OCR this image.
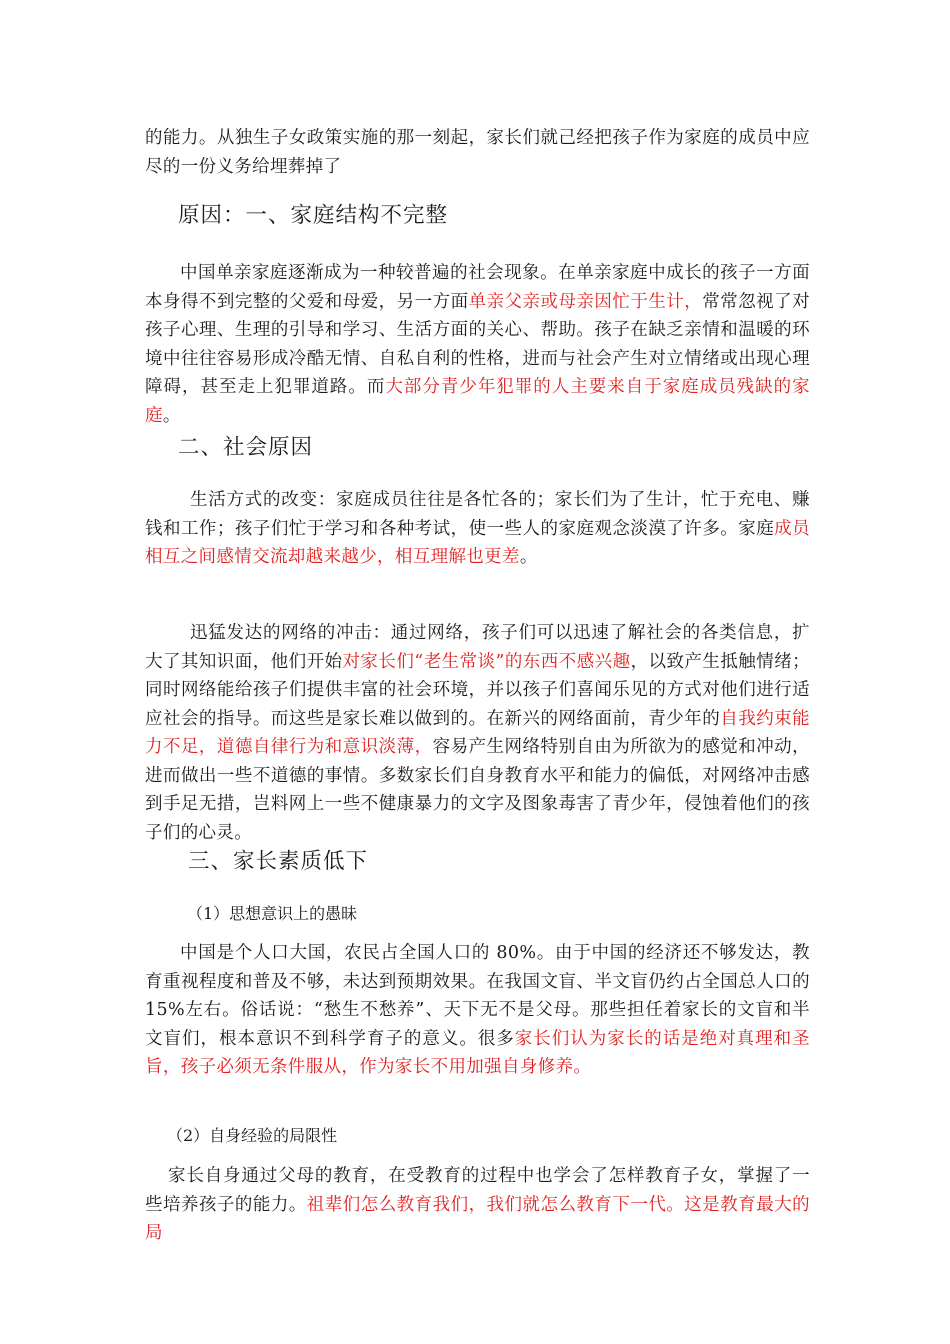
的能力。从独生子女政策实施的那一刻起，家长们就己经把孩子作为家庭的成员中应尽的一份义务给埋葬掉了

原因：一、家庭结构不完整

中国单亲家庭逐渐成为一种较普遍的社会现象。在单亲家庭中成长的孩子一方面本身得不到完整的父爱和母爱，另一方面单亲父亲或母亲因忙于生计，常常忽视了对孩子心理、生理的引导和学习、生活方面的关心、帮助。孩子在缺乏亲情和温暖的环境中往往容易形成冷酷无情、自私自利的性格，进而与社会产生对立情绪或出现心理障碍，甚至走上犯罪道路。而大部分青少年犯罪的人主要来自于家庭成员残缺的家庭。

二、社会原因

生活方式的改变：家庭成员往往是各忙各的；家长们为了生计，忙于充电、赚钱和工作；孩子们忙于学习和各种考试，使一些人的家庭观念淡漠了许多。家庭成员相互之间感情交流却越来越少，相互理解也更差。

迅猛发达的网络的冲击：通过网络，孩子们可以迅速了解社会的各类信息，扩大了其知识面，他们开始对家长们“老生常谈”的东西不感兴趣，以致产生抵触情绪；同时网络能给孩子们提供丰富的社会环境，并以孩子们喜闻乐见的方式对他们进行适应社会的指导。而这些是家长难以做到的。在新兴的网络面前，青少年的自我约束能力不足，道德自律行为和意识淡薄，容易产生网络特别自由为所欲为的感觉和冲动，进而做出一些不道德的事情。多数家长们自身教育水平和能力的偏低，对网络冲击感到手足无措，岂料网上一些不健康暴力的文字及图象毒害了青少年，侵蚀着他们的孩子们的心灵。

三、家长素质低下
（1）思想意识上的愚昧

中国是个人口大国，农民占全国人口的 80%。由于中国的经济还不够发达，教育重视程度和普及不够，未达到预期效果。在我国文盲、半文盲仍约占全国总人口的 15%左右。俗话说：“愁生不愁养”、天下无不是父母。那些担任着家长的文盲和半文盲们，根本意识不到科学育子的意义。很多家长们认为家长的话是绝对真理和圣旨，孩子必须无条件服从，作为家长不用加强自身修养。

（2）自身经验的局限性

家长自身通过父母的教育，在受教育的过程中也学会了怎样教育子女，掌握了一些培养孩子的能力。祖辈们怎么教育我们，我们就怎么教育下一代。这是教育最大的局
